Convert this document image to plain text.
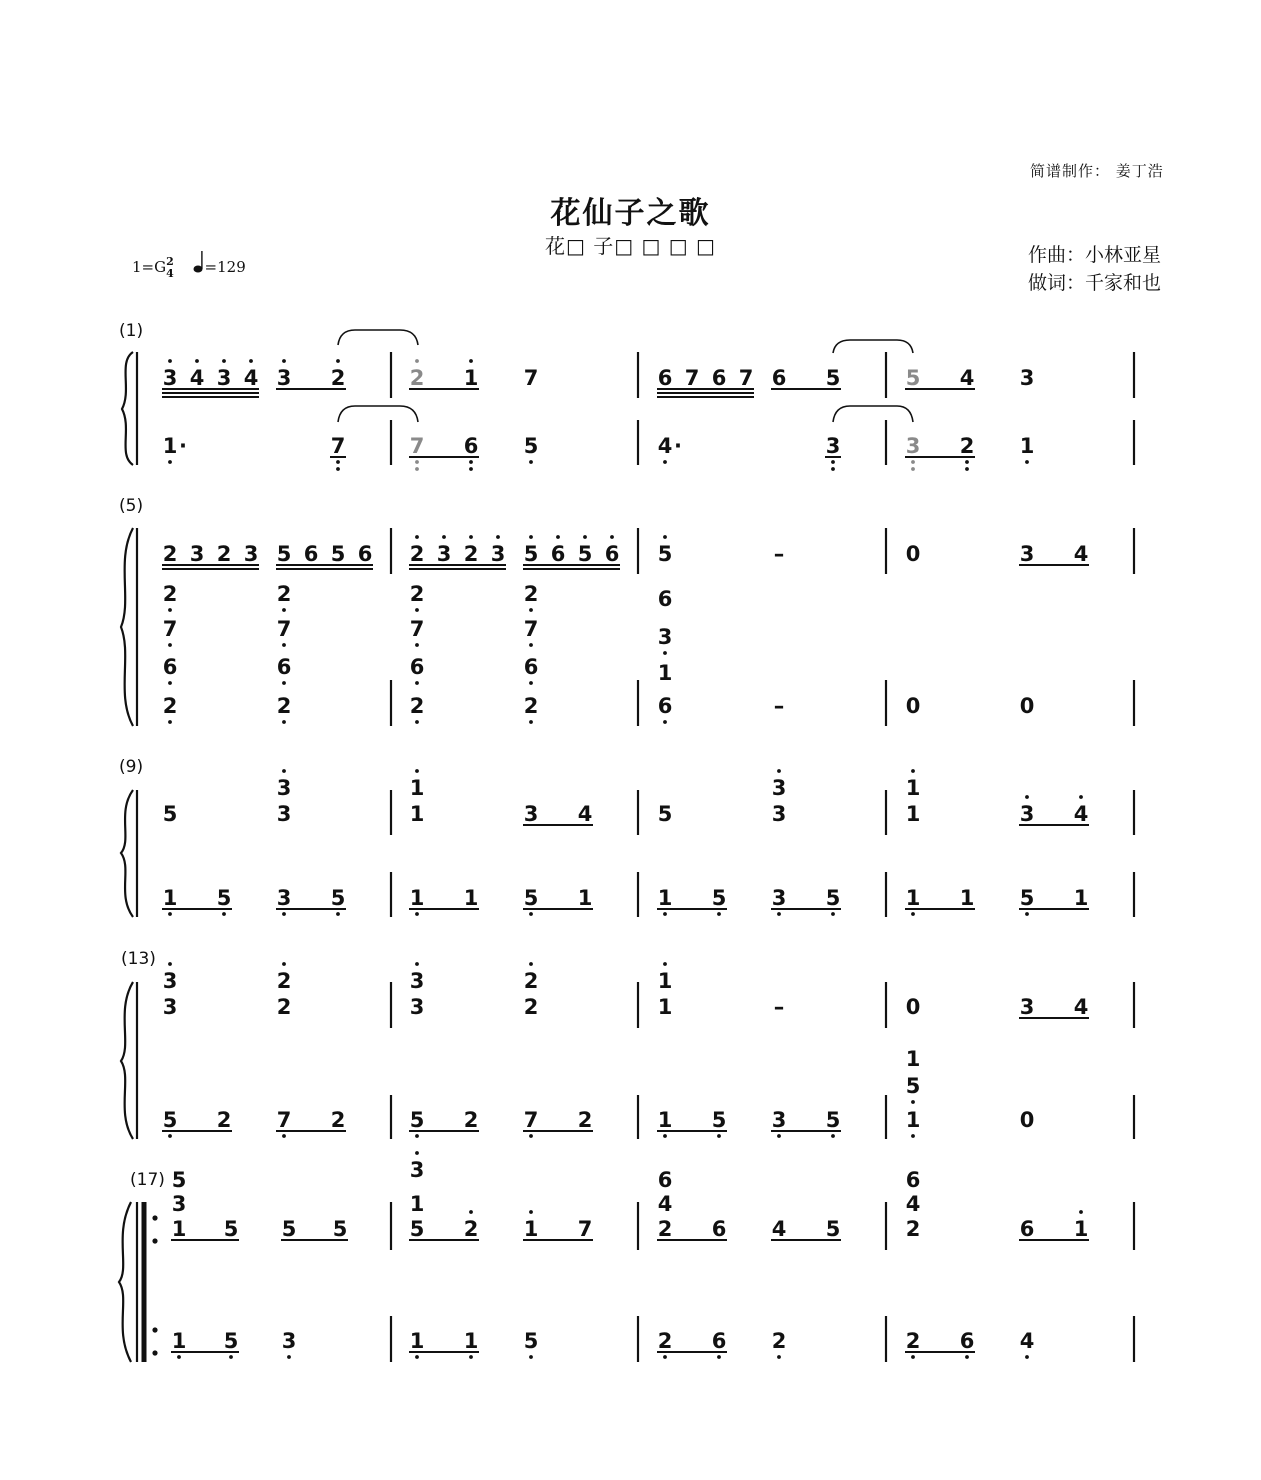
简谱制作： 姜丁浩
花仙子之歌
花□ 子□ □ □ □	作曲：小林亚星
做词：千家和也
1=G2
4 =129
(1)
(5)
(9)
(13)
(17)
3 4 3 4 3 2	2 1 7	6 7 6 7 6 5	5 4 3
1 ·	7	7 6 5	4 ·	3	3 2 1
2 3 2 3 5 6 5 6 2 3 2 3 5 6 5 6 5	–	0	3 4
2
7
6
2
2
7
6
2
2
7
6
2
2
7
6
2
6
3
1
6	–	0	0
3	1	3	1
5	3	1	3 4	5	3	1	3 4
1 5 3 5	1 1 5 1	1 5 3 5	1 1 5 1
3	2	3	2	1
3	2	3	2	1	–	0	3 4
1
5
5 2 7 2	5 2 7 2	1 5 3 5	1	0
5
3
1 5 5 5
3
1
5 2 1 7
6
4
2 6 4 5
6
4
2	6 1
1 5 3	1 1 5	2 6 2	2 6 4
